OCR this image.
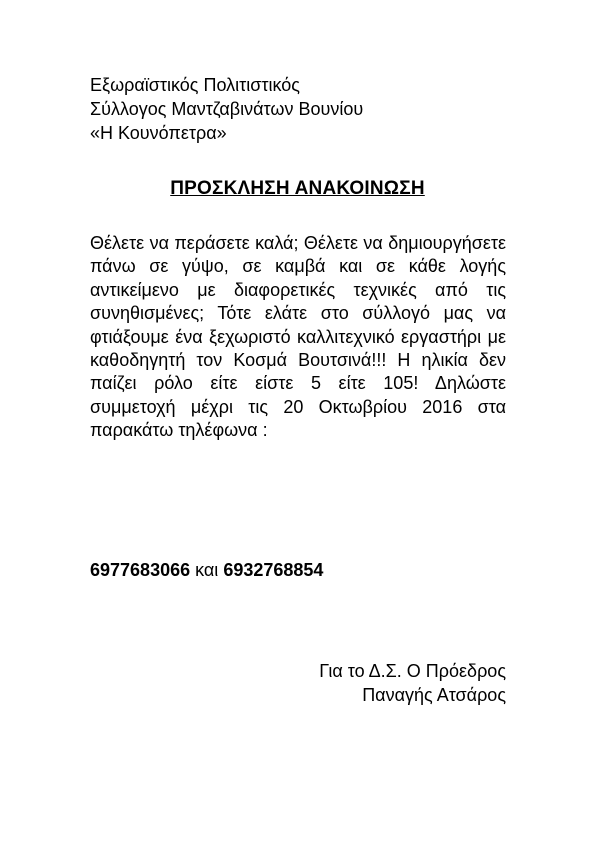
Εξωραϊστικός Πολιτιστικός
Σύλλογος Μαντζαβινάτων Βουνίου
«Η Κουνόπετρα»
ΠΡΟΣΚΛΗΣΗ ΑΝΑΚΟΙΝΩΣΗ

Θέλετε να περάσετε καλά; Θέλετε να δημιουργήσετε πάνω σε γύψο, σε καμβά και σε κάθε λογής αντικείμενο με διαφορετικές τεχνικές από τις συνηθισμένες; Τότε ελάτε στο σύλλογό μας να φτιάξουμε ένα ξεχωριστό καλλιτεχνικό εργαστήρι με καθοδηγητή τον Κοσμά Βουτσινά!!! Η ηλικία δεν παίζει ρόλο είτε είστε 5 είτε 105! Δηλώστε συμμετοχή μέχρι τις 20 Οκτωβρίου 2016 στα παρακάτω τηλέφωνα :

6977683066 και 6932768854
Για το Δ.Σ. Ο Πρόεδρος
Παναγής Ατσάρος
